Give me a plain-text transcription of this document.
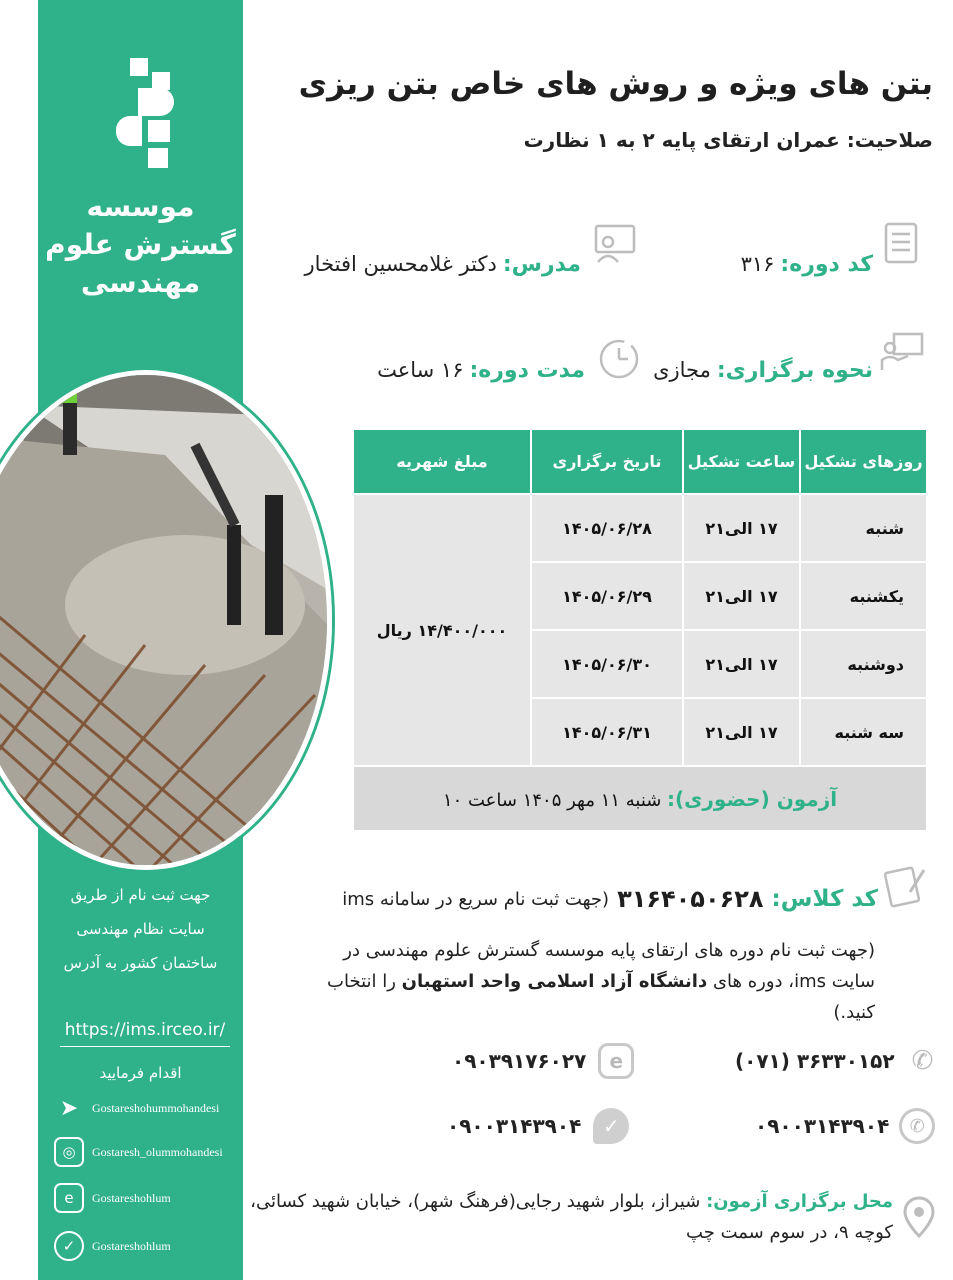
موسسه
گسترش علوم
مهندسی
جهت ثبت نام از طریق
سایت نظام مهندسی
ساختمان کشور به آدرس
https://ims.irceo.ir/
اقدام فرمایید
➤	Gostareshohummohandesi
◎	Gostaresh_olummohandesi
e	Gostareshohlum
✓	Gostareshohlum
بتن های ویژه و روش های خاص بتن ریزی
صلاحیت: عمران ارتقای پایه ۲ به ۱ نظارت
کد دوره:
۳۱۶
مدرس:
دکتر غلامحسین افتخار
نحوه برگزاری:
مجازی
مدت دوره:
۱۶ ساعت
روزهای تشکیل	ساعت تشکیل	تاریخ برگزاری	مبلغ شهریه
شنبه	۱۷ الی۲۱	۱۴۰۵/۰۶/۲۸	۱۴/۴۰۰/۰۰۰ ریال
یکشنبه	۱۷ الی۲۱	۱۴۰۵/۰۶/۲۹	
دوشنبه	۱۷ الی۲۱	۱۴۰۵/۰۶/۳۰	
سه شنبه	۱۷ الی۲۱	۱۴۰۵/۰۶/۳۱	
آزمون (حضوری): شنبه ۱۱ مهر ۱۴۰۵ ساعت ۱۰			
کد کلاس:
۳۱۶۴۰۵۰۶۲۸
(جهت ثبت نام سریع در سامانه ims
(جهت ثبت نام دوره های ارتقای پایه موسسه گسترش علوم مهندسی در سایت ims، دوره های دانشگاه آزاد اسلامی واحد استهبان را انتخاب کنید.)
(۰۷۱) ۳۶۳۳۰۱۵۲ ✆
۰۹۰۳۹۱۷۶۰۲۷	e
۰۹۰۰۳۱۴۳۹۰۴	✆
۰۹۰۰۳۱۴۳۹۰۴	✓
محل برگزاری آزمون: شیراز، بلوار شهید رجایی(فرهنگ شهر)، خیابان شهید کسائی، کوچه ۹، در سوم سمت چپ
